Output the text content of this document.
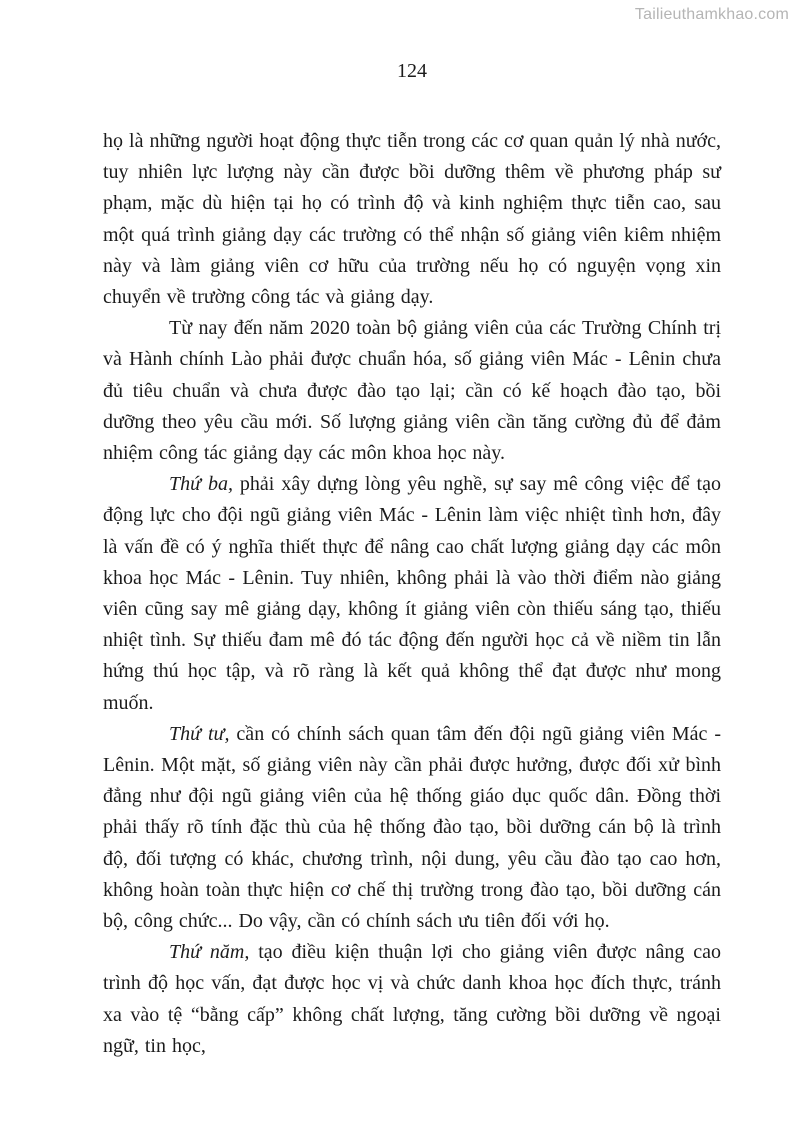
Tailieuthamkhao.com
124

họ là những người hoạt động thực tiễn trong các cơ quan quản lý nhà nước, tuy nhiên lực lượng này cần được bồi dưỡng thêm về phương pháp sư phạm, mặc dù hiện tại họ có trình độ và kinh nghiệm thực tiễn cao, sau một quá trình giảng dạy các trường có thể nhận số giảng viên kiêm nhiệm này và làm giảng viên cơ hữu của trường nếu họ có nguyện vọng xin chuyển về trường công tác và giảng dạy.

Từ nay đến năm 2020 toàn bộ giảng viên của các Trường Chính trị và Hành chính Lào phải được chuẩn hóa, số giảng viên Mác - Lênin chưa đủ tiêu chuẩn và chưa được đào tạo lại; cần có kế hoạch đào tạo, bồi dưỡng theo yêu cầu mới. Số lượng giảng viên cần tăng cường đủ để đảm nhiệm công tác giảng dạy các môn khoa học này.

Thứ ba, phải xây dựng lòng yêu nghề, sự say mê công việc để tạo động lực cho đội ngũ giảng viên Mác - Lênin làm việc nhiệt tình hơn, đây là vấn đề có ý nghĩa thiết thực để nâng cao chất lượng giảng dạy các môn khoa học Mác - Lênin. Tuy nhiên, không phải là vào thời điểm nào giảng viên cũng say mê giảng dạy, không ít giảng viên còn thiếu sáng tạo, thiếu nhiệt tình. Sự thiếu đam mê đó tác động đến người học cả về niềm tin lẫn hứng thú học tập, và rõ ràng là kết quả không thể đạt được như mong muốn.

Thứ tư, cần có chính sách quan tâm đến đội ngũ giảng viên Mác - Lênin. Một mặt, số giảng viên này cần phải được hưởng, được đối xử bình đẳng như đội ngũ giảng viên của hệ thống giáo dục quốc dân. Đồng thời phải thấy rõ tính đặc thù của hệ thống đào tạo, bồi dưỡng cán bộ là trình độ, đối tượng có khác, chương trình, nội dung, yêu cầu đào tạo cao hơn, không hoàn toàn thực hiện cơ chế thị trường trong đào tạo, bồi dưỡng cán bộ, công chức... Do vậy, cần có chính sách ưu tiên đối với họ.

Thứ năm, tạo điều kiện thuận lợi cho giảng viên được nâng cao trình độ học vấn, đạt được học vị và chức danh khoa học đích thực, tránh xa vào tệ “bằng cấp” không chất lượng, tăng cường bồi dưỡng về ngoại ngữ, tin học,
